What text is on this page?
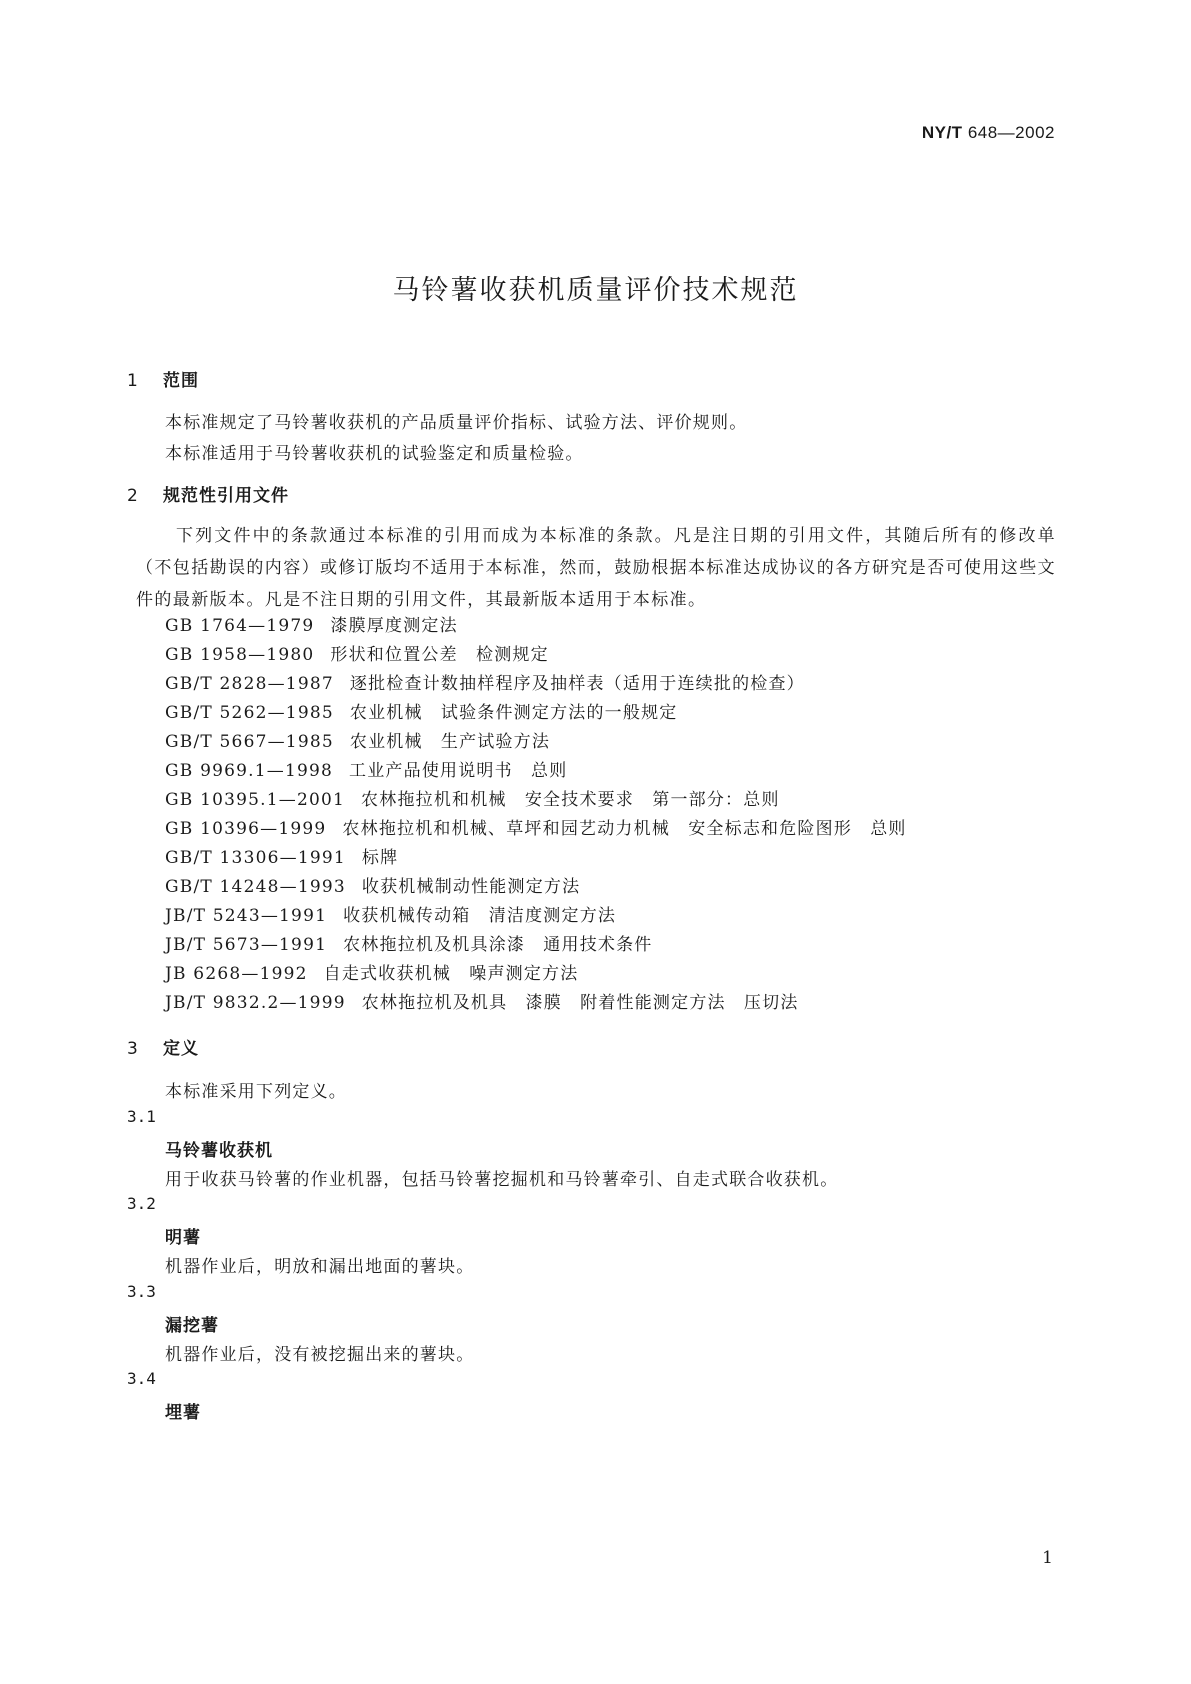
NY/T 648—2002
马铃薯收获机质量评价技术规范
1 范围
本标准规定了马铃薯收获机的产品质量评价指标、试验方法、评价规则。
本标准适用于马铃薯收获机的试验鉴定和质量检验。
2 规范性引用文件
下列文件中的条款通过本标准的引用而成为本标准的条款。凡是注日期的引用文件，其随后所有的修改单（不包括勘误的内容）或修订版均不适用于本标准，然而，鼓励根据本标准达成协议的各方研究是否可使用这些文件的最新版本。凡是不注日期的引用文件，其最新版本适用于本标准。
GB 1764—1979 漆膜厚度测定法
GB 1958—1980 形状和位置公差　检测规定
GB/T 2828—1987 逐批检查计数抽样程序及抽样表（适用于连续批的检查）
GB/T 5262—1985 农业机械　试验条件测定方法的一般规定
GB/T 5667—1985 农业机械　生产试验方法
GB 9969.1—1998 工业产品使用说明书　总则
GB 10395.1—2001 农林拖拉机和机械　安全技术要求　第一部分：总则
GB 10396—1999 农林拖拉机和机械、草坪和园艺动力机械　安全标志和危险图形　总则
GB/T 13306—1991 标牌
GB/T 14248—1993 收获机械制动性能测定方法
JB/T 5243—1991 收获机械传动箱　清洁度测定方法
JB/T 5673—1991 农林拖拉机及机具涂漆　通用技术条件
JB 6268—1992 自走式收获机械　噪声测定方法
JB/T 9832.2—1999 农林拖拉机及机具　漆膜　附着性能测定方法　压切法
3 定义
本标准采用下列定义。
3.1
马铃薯收获机
用于收获马铃薯的作业机器，包括马铃薯挖掘机和马铃薯牵引、自走式联合收获机。
3.2
明薯
机器作业后，明放和漏出地面的薯块。
3.3
漏挖薯
机器作业后，没有被挖掘出来的薯块。
3.4
埋薯
1
